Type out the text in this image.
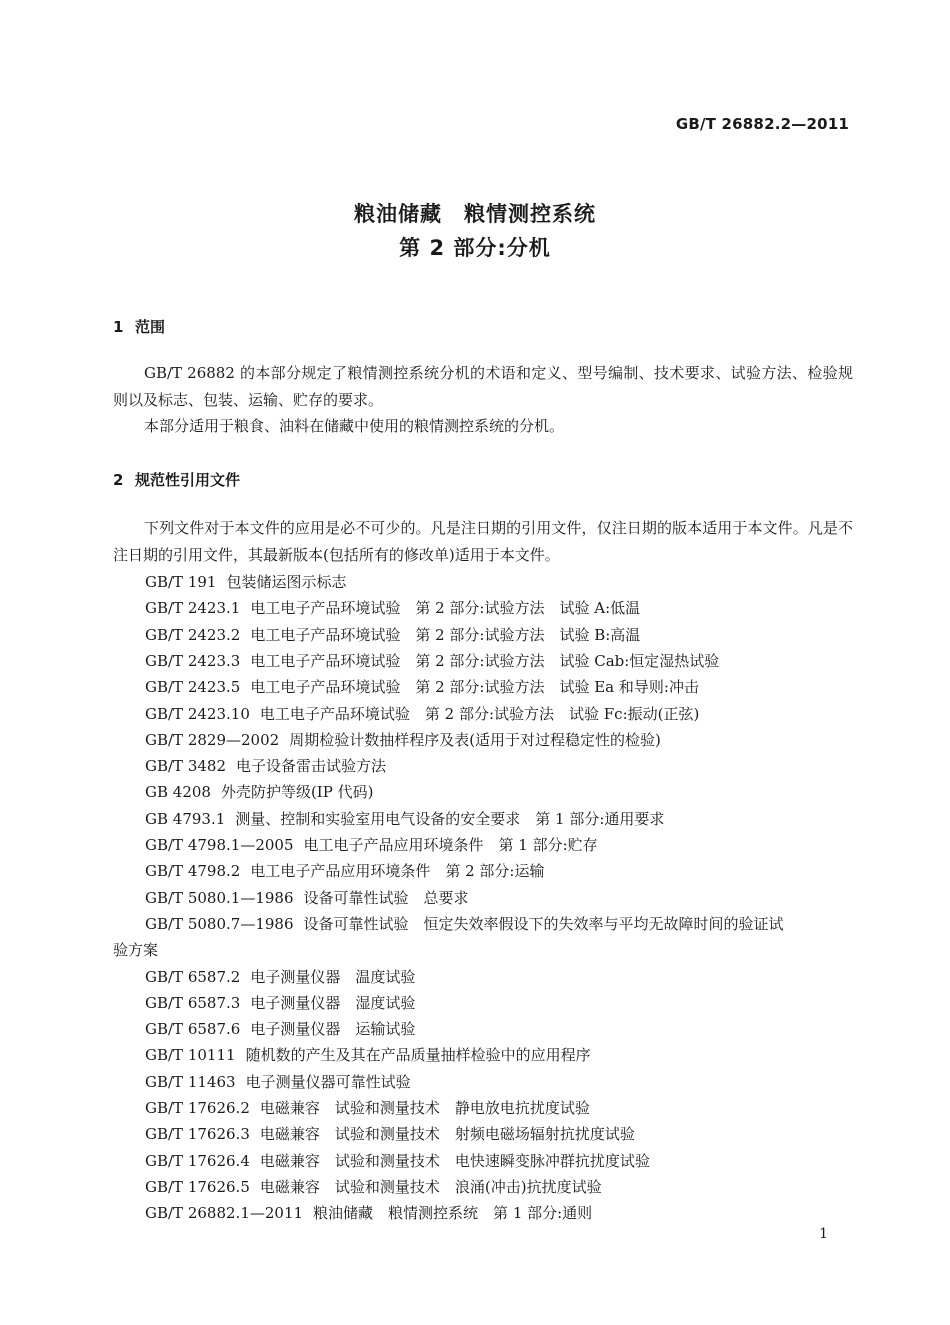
GB/T 26882.2—2011
粮油储藏　粮情测控系统
第 2 部分:分机
1 范围
GB/T 26882 的本部分规定了粮情测控系统分机的术语和定义、型号编制、技术要求、试验方法、检验规则以及标志、包装、运输、贮存的要求。
本部分适用于粮食、油料在储藏中使用的粮情测控系统的分机。
2 规范性引用文件
下列文件对于本文件的应用是必不可少的。凡是注日期的引用文件，仅注日期的版本适用于本文件。凡是不注日期的引用文件，其最新版本(包括所有的修改单)适用于本文件。
GB/T 191 包装储运图示标志
GB/T 2423.1 电工电子产品环境试验　第 2 部分:试验方法　试验 A:低温
GB/T 2423.2 电工电子产品环境试验　第 2 部分:试验方法　试验 B:高温
GB/T 2423.3 电工电子产品环境试验　第 2 部分:试验方法　试验 Cab:恒定湿热试验
GB/T 2423.5 电工电子产品环境试验　第 2 部分:试验方法　试验 Ea 和导则:冲击
GB/T 2423.10 电工电子产品环境试验　第 2 部分:试验方法　试验 Fc:振动(正弦)
GB/T 2829—2002 周期检验计数抽样程序及表(适用于对过程稳定性的检验)
GB/T 3482 电子设备雷击试验方法
GB 4208 外壳防护等级(IP 代码)
GB 4793.1 测量、控制和实验室用电气设备的安全要求　第 1 部分:通用要求
GB/T 4798.1—2005 电工电子产品应用环境条件　第 1 部分:贮存
GB/T 4798.2 电工电子产品应用环境条件　第 2 部分:运输
GB/T 5080.1—1986 设备可靠性试验　总要求
GB/T 5080.7—1986 设备可靠性试验　恒定失效率假设下的失效率与平均无故障时间的验证试
验方案
GB/T 6587.2 电子测量仪器　温度试验
GB/T 6587.3 电子测量仪器　湿度试验
GB/T 6587.6 电子测量仪器　运输试验
GB/T 10111 随机数的产生及其在产品质量抽样检验中的应用程序
GB/T 11463 电子测量仪器可靠性试验
GB/T 17626.2 电磁兼容　试验和测量技术　静电放电抗扰度试验
GB/T 17626.3 电磁兼容　试验和测量技术　射频电磁场辐射抗扰度试验
GB/T 17626.4 电磁兼容　试验和测量技术　电快速瞬变脉冲群抗扰度试验
GB/T 17626.5 电磁兼容　试验和测量技术　浪涌(冲击)抗扰度试验
GB/T 26882.1—2011 粮油储藏　粮情测控系统　第 1 部分:通则
1
